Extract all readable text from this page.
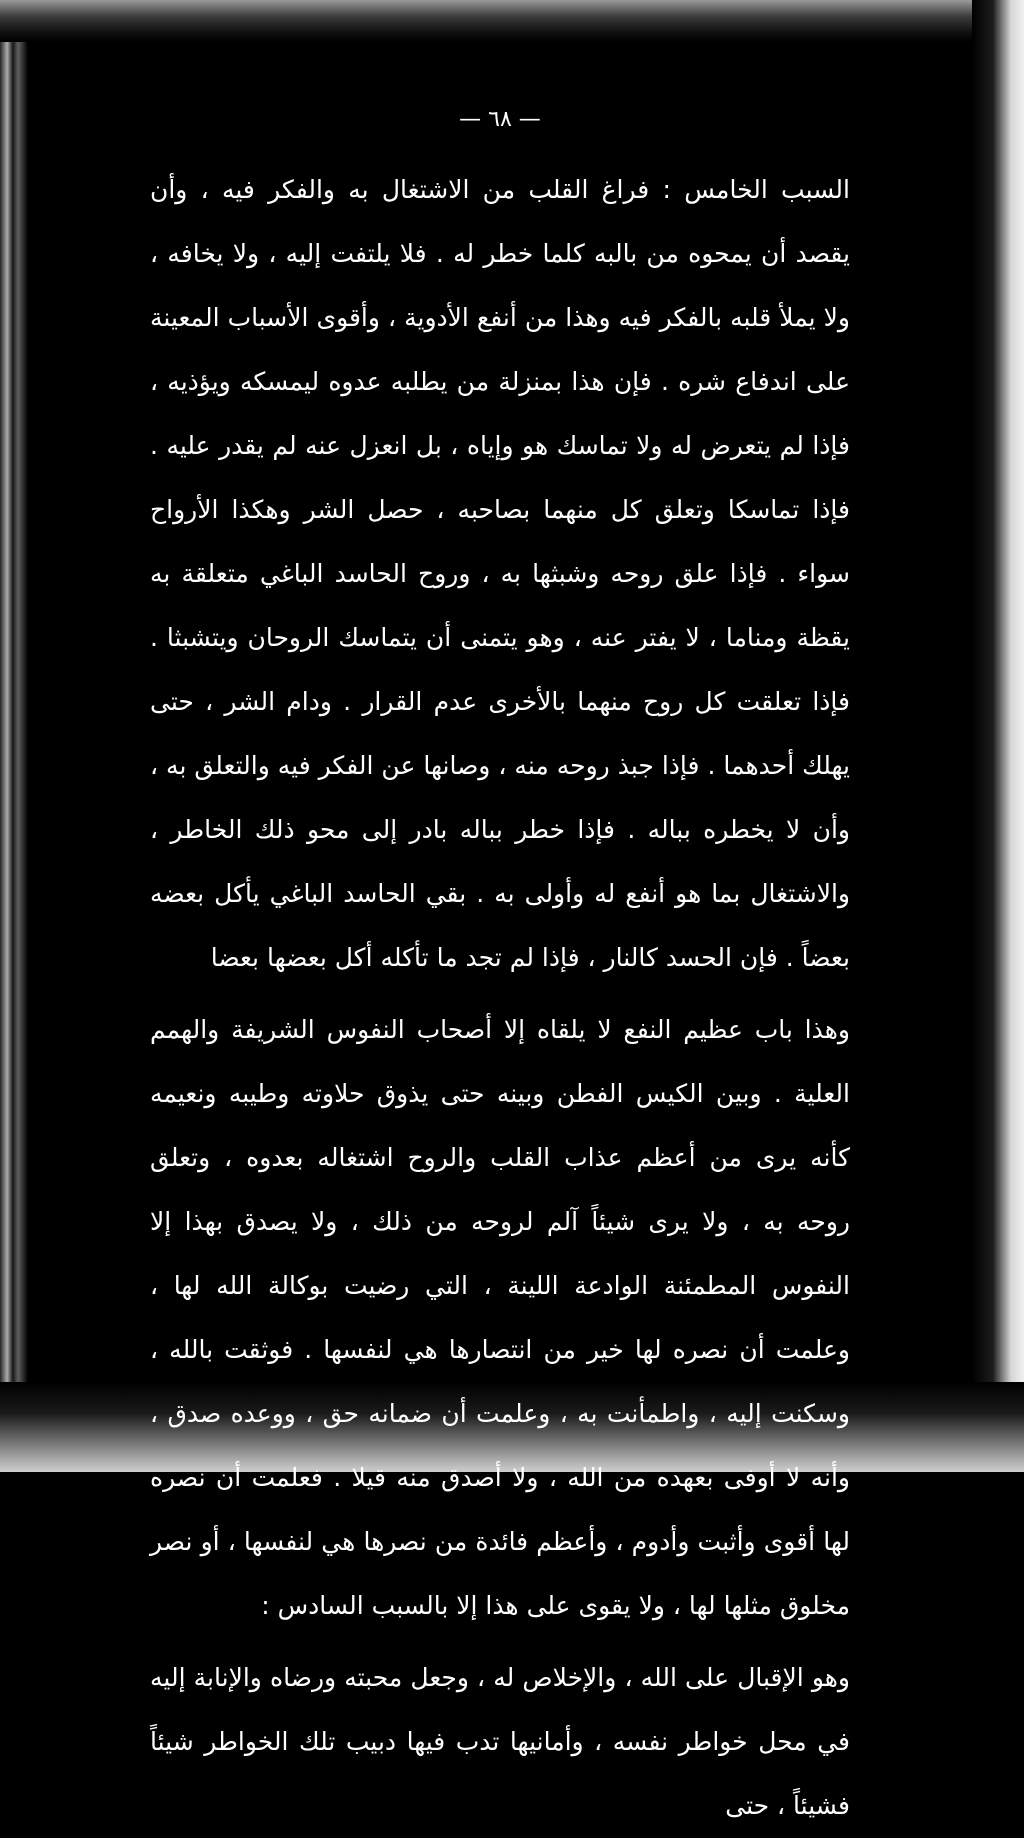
— ٦٨ —

السبب الخامس : فراغ القلب من الاشتغال به والفكر فيه ، وأن يقصد أن يمحوه من بالبه كلما خطر له . فلا يلتفت إليه ، ولا يخافه ، ولا يملأ قلبه بالفكر فيه وهذا من أنفع الأدوية ، وأقوى الأسباب المعينة على اندفاع شره . فإن هذا بمنزلة من يطلبه عدوه ليمسكه ويؤذيه ، فإذا لم يتعرض له ولا تماسك هو وإياه ، بل انعزل عنه لم يقدر عليه . فإذا تماسكا وتعلق كل منهما بصاحبه ، حصل الشر وهكذا الأرواح سواء . فإذا علق روحه وشبثها به ، وروح الحاسد الباغي متعلقة به يقظة ومناما ، لا يفتر عنه ، وهو يتمنى أن يتماسك الروحان ويتشبثا . فإذا تعلقت كل روح منهما بالأخرى عدم القرار . ودام الشر ، حتى يهلك أحدهما . فإذا جبذ روحه منه ، وصانها عن الفكر فيه والتعلق به ، وأن لا يخطره بباله . فإذا خطر بباله بادر إلى محو ذلك الخاطر ، والاشتغال بما هو أنفع له وأولى به . بقي الحاسد الباغي يأكل بعضه بعضاً . فإن الحسد كالنار ، فإذا لم تجد ما تأكله أكل بعضها بعضا

وهذا باب عظيم النفع لا يلقاه إلا أصحاب النفوس الشريفة والهمم العلية . وبين الكيس الفطن وبينه حتى يذوق حلاوته وطيبه ونعيمه كأنه يرى من أعظم عذاب القلب والروح اشتغاله بعدوه ، وتعلق روحه به ، ولا يرى شيئاً آلم لروحه من ذلك ، ولا يصدق بهذا إلا النفوس المطمئنة الوادعة اللينة ، التي رضيت بوكالة الله لها ، وعلمت أن نصره لها خير من انتصارها هي لنفسها . فوثقت بالله ، وسكنت إليه ، واطمأنت به ، وعلمت أن ضمانه حق ، ووعده صدق ، وأنه لا أوفى بعهده من الله ، ولا أصدق منه قيلا . فعلمت أن نصره لها أقوى وأثبت وأدوم ، وأعظم فائدة من نصرها هي لنفسها ، أو نصر مخلوق مثلها لها ، ولا يقوى على هذا إلا بالسبب السادس :

وهو الإقبال على الله ، والإخلاص له ، وجعل محبته ورضاه والإنابة إليه في محل خواطر نفسه ، وأمانيها تدب فيها دبيب تلك الخواطر شيئاً فشيئاً ، حتى
